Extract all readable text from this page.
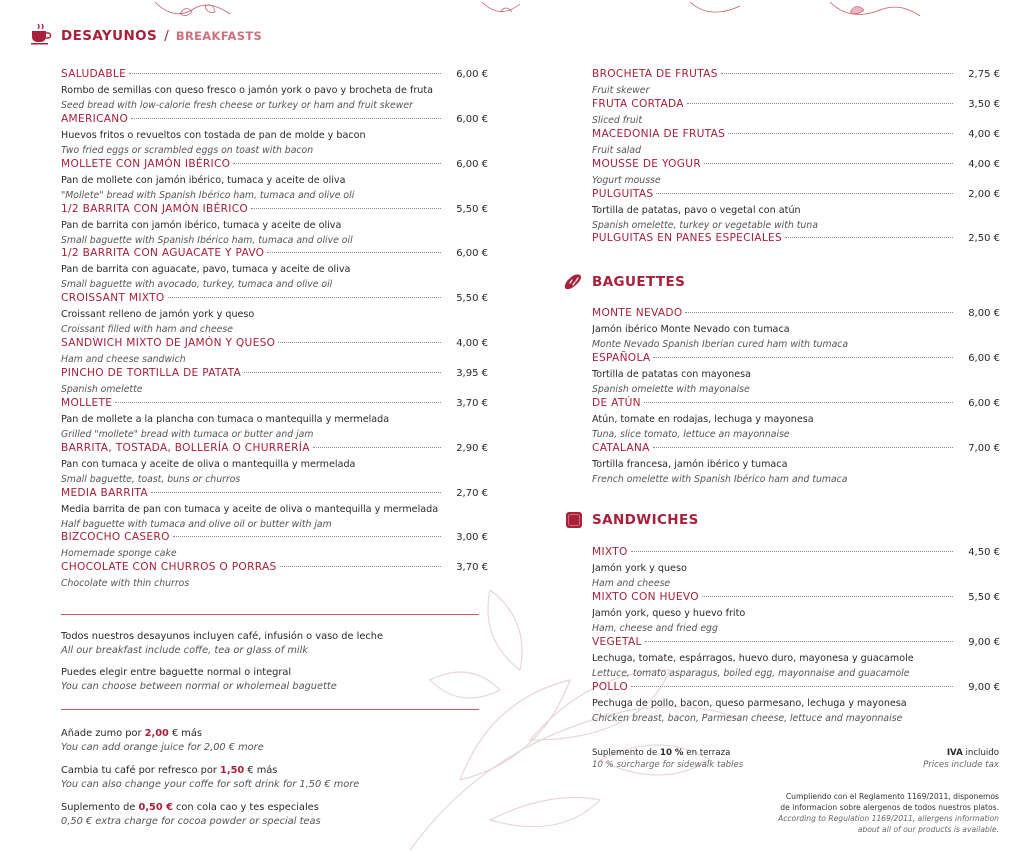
DESAYUNOS / BREAKFASTS
SALUDABLE	6,00 €
Rombo de semillas con queso fresco o jamón york o pavo y brocheta de fruta
Seed bread with low-calorie fresh cheese or turkey or ham and fruit skewer
AMERICANO	6,00 €
Huevos fritos o revueltos con tostada de pan de molde y bacon
Two fried eggs or scrambled eggs on toast with bacon
MOLLETE CON JAMÓN IBÉRICO	6,00 €
Pan de mollete con jamón ibérico, tumaca y aceite de oliva
"Mollete" bread with Spanish Ibérico ham, tumaca and olive oli
1/2 BARRITA CON JAMÓN IBÉRICO	5,50 €
Pan de barrita con jamón ibérico, tumaca y aceite de oliva
Small baguette with Spanish Ibérico ham, tumaca and olive oil
1/2 BARRITA CON AGUACATE Y PAVO	6,00 €
Pan de barrita con aguacate, pavo, tumaca y aceite de oliva
Small baguette with avocado, turkey, tumaca and olive oil
CROISSANT MIXTO	5,50 €
Croissant relleno de jamón york y queso
Croissant filled with ham and cheese
SANDWICH MIXTO DE JAMÓN Y QUESO	4,00 €
Ham and cheese sandwich
PINCHO DE TORTILLA DE PATATA	3,95 €
Spanish omelette
MOLLETE	3,70 €
Pan de mollete a la plancha con tumaca o mantequilla y mermelada
Grilled "mollete" bread with tumaca or butter and jam
BARRITA, TOSTADA, BOLLERÍA O CHURRERÍA	2,90 €
Pan con tumaca y aceite de oliva o mantequilla y mermelada
Small baguette, toast, buns or churros
MEDIA BARRITA	2,70 €
Media barrita de pan con tumaca y aceite de oliva o mantequilla y mermelada
Half baguette with tumaca and olive oil or butter with jam
BIZCOCHO CASERO	3,00 €
Homemade sponge cake
CHOCOLATE CON CHURROS O PORRAS	3,70 €
Chocolate with thin churros
Todos nuestros desayunos incluyen café, infusión o vaso de leche
All our breakfast include coffe, tea or glass of milk
Puedes elegir entre baguette normal o integral
You can choose between normal or wholemeal baguette
Añade zumo por 2,00 € más
You can add orange juice for 2,00 € more
Cambia tu café por refresco por 1,50 € más
You can also change your coffe for soft drink for 1,50 € more
Suplemento de 0,50 € con cola cao y tes especiales
0,50 € extra charge for cocoa powder or special teas
BROCHETA DE FRUTAS	2,75 €
Fruit skewer
FRUTA CORTADA	3,50 €
Sliced fruit
MACEDONIA DE FRUTAS	4,00 €
Fruit salad
MOUSSE DE YOGUR	4,00 €
Yogurt mousse
PULGUITAS	2,00 €
Tortilla de patatas, pavo o vegetal con atún
Spanish omelette, turkey or vegetable with tuna
PULGUITAS EN PANES ESPECIALES	2,50 €
BAGUETTES
MONTE NEVADO	8,00 €
Jamón ibérico Monte Nevado con tumaca
Monte Nevado Spanish Iberian cured ham with tumaca
ESPAÑOLA	6,00 €
Tortilla de patatas con mayonesa
Spanish omelette with mayonaise
DE ATÚN	6,00 €
Atún, tomate en rodajas, lechuga y mayonesa
Tuna, slice tomato, lettuce an mayonnaise
CATALANA	7,00 €
Tortilla francesa, jamón ibérico y tumaca
French omelette with Spanish Ibérico ham and tumaca
SANDWICHES
MIXTO	4,50 €
Jamón york y queso
Ham and cheese
MIXTO CON HUEVO	5,50 €
Jamón york, queso y huevo frito
Ham, cheese and fried egg
VEGETAL	9,00 €
Lechuga, tomate, espárragos, huevo duro, mayonesa y guacamole
Lettuce, tomato asparagus, boiled egg, mayonnaise and guacamole
POLLO	9,00 €
Pechuga de pollo, bacon, queso parmesano, lechuga y mayonesa
Chicken breast, bacon, Parmesan cheese, lettuce and mayonnaise
Suplemento de 10 % en terraza
10 % surcharge for sidewalk tables
IVA incluido
Prices include tax
Cumpliendo con el Reglamento 1169/2011, disponemos
de informacion sobre alergenos de todos nuestros platos.
According to Regulation 1169/2011, allergens information
about all of our products is available.
